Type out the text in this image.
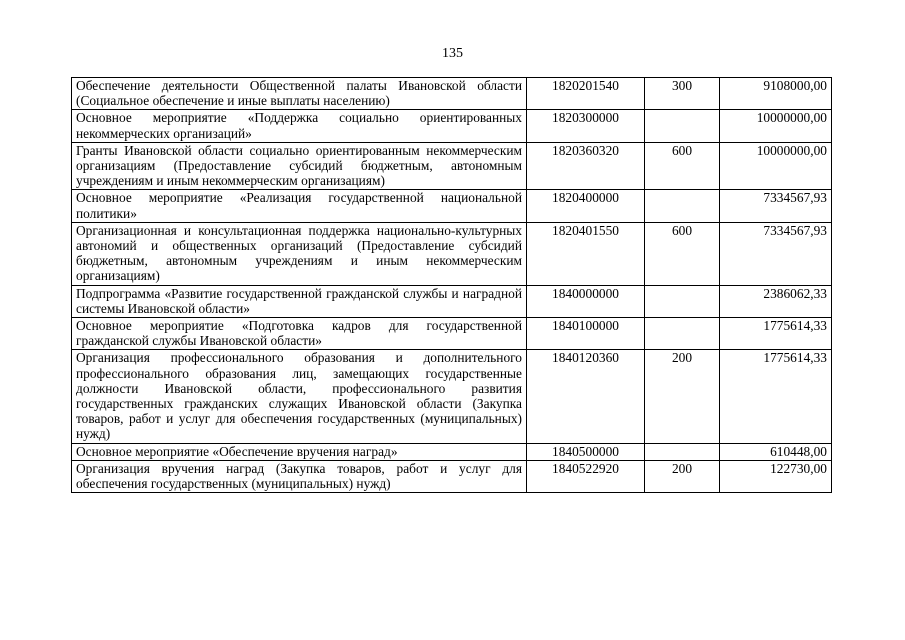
135
Обеспечение деятельности Общественной палаты Ивановской области (Социальное обеспечение и иные выплаты населению)	1820201540	300	9108000,00
Основное мероприятие «Поддержка социально ориентированных некоммерческих организаций»	1820300000		10000000,00
Гранты Ивановской области социально ориентированным некоммерческим организациям (Предоставление субсидий бюджетным, автономным учреждениям и иным некоммерческим организациям)	1820360320	600	10000000,00
Основное мероприятие «Реализация государственной национальной политики»	1820400000		7334567,93
Организационная и консультационная поддержка национально-культурных автономий и общественных организаций (Предоставление субсидий бюджетным, автономным учреждениям и иным некоммерческим организациям)	1820401550	600	7334567,93
Подпрограмма «Развитие государственной гражданской службы и наградной системы Ивановской области»	1840000000		2386062,33
Основное мероприятие «Подготовка кадров для государственной гражданской службы Ивановской области»	1840100000		1775614,33
Организация профессионального образования и дополнительного профессионального образования лиц, замещающих государственные должности Ивановской области, профессионального развития государственных гражданских служащих Ивановской области (Закупка товаров, работ и услуг для обеспечения государственных (муниципальных) нужд)	1840120360	200	1775614,33
Основное мероприятие «Обеспечение вручения наград»	1840500000		610448,00
Организация вручения наград (Закупка товаров, работ и услуг для обеспечения государственных (муниципальных) нужд)	1840522920	200	122730,00
